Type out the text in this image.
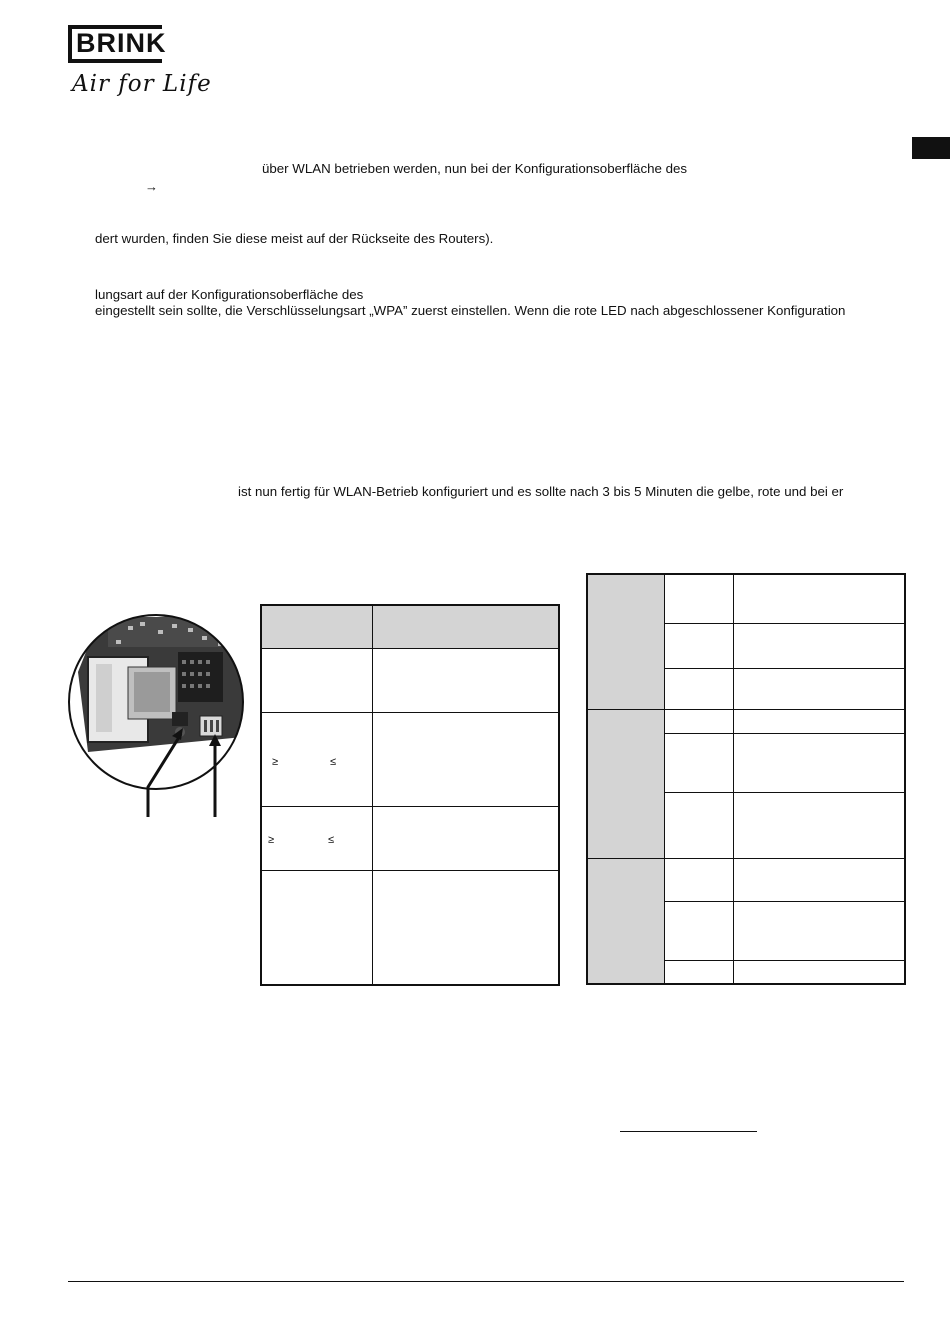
BRINK
Air for Life
über WLAN betrieben werden, nun bei der Konfigurationsoberfläche des
→
dert wurden, finden Sie diese meist auf der Rückseite des Routers).
lungsart auf der Konfigurationsoberfläche des
eingestellt sein sollte, die Verschlüsselungsart „WPA” zuerst einstellen. Wenn die rote LED nach abgeschlossener Konfiguration
ist nun fertig für WLAN-Betrieb konfiguriert und es sollte nach 3 bis 5 Minuten die gelbe, rote und bei er
≥	≤
≥	≤
